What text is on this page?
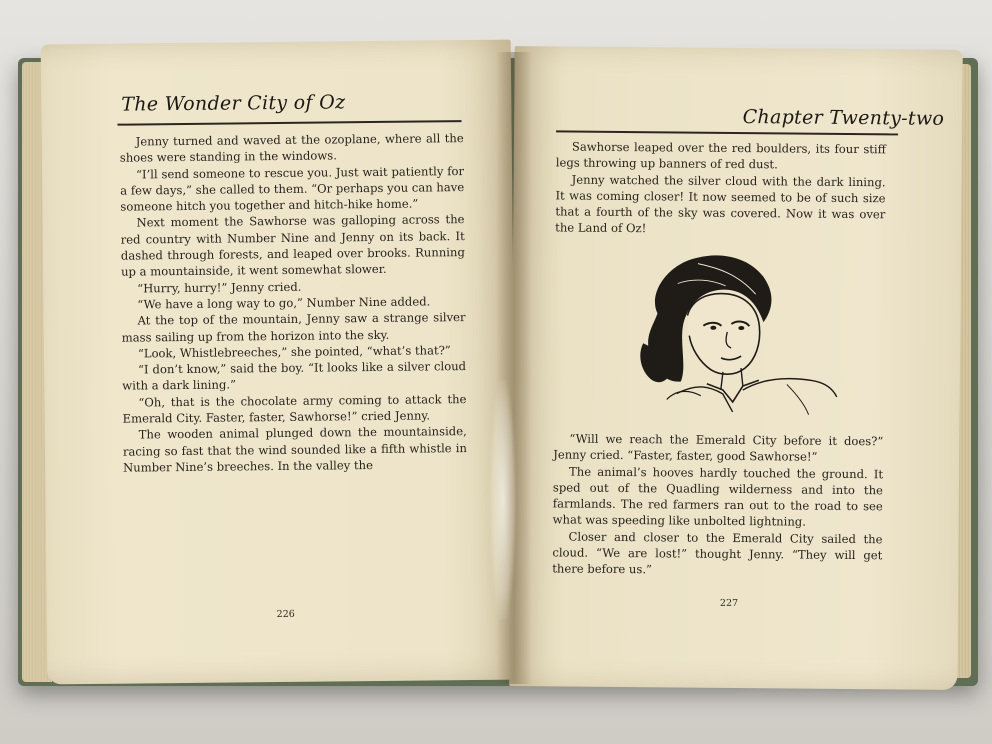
The Wonder City of Oz

Jenny turned and waved at the ozoplane, where all the shoes were standing in the windows.

“I’ll send someone to rescue you. Just wait patiently for a few days,” she called to them. “Or perhaps you can have someone hitch you together and hitch-hike home.”

Next moment the Sawhorse was galloping across the red country with Number Nine and Jenny on its back. It dashed through forests, and leaped over brooks. Running up a mountainside, it went somewhat slower.

“Hurry, hurry!” Jenny cried.

“We have a long way to go,” Number Nine added.

At the top of the mountain, Jenny saw a strange silver mass sailing up from the horizon into the sky.

“Look, Whistlebreeches,” she pointed, “what’s that?”

“I don’t know,” said the boy. “It looks like a silver cloud with a dark lining.”

“Oh, that is the chocolate army coming to attack the Emerald City. Faster, faster, Sawhorse!” cried Jenny.

The wooden animal plunged down the mountainside, racing so fast that the wind sounded like a fifth whistle in Number Nine’s breeches. In the valley the

226
Chapter Twenty-two

Sawhorse leaped over the red boulders, its four stiff legs throwing up banners of red dust.

Jenny watched the silver cloud with the dark lining. It was coming closer! It now seemed to be of such size that a fourth of the sky was covered. Now it was over the Land of Oz!

“Will we reach the Emerald City before it does?” Jenny cried. “Faster, faster, good Sawhorse!”

The animal’s hooves hardly touched the ground. It sped out of the Quadling wilderness and into the farmlands. The red farmers ran out to the road to see what was speeding like unbolted lightning.

Closer and closer to the Emerald City sailed the cloud. “We are lost!” thought Jenny. “They will get there before us.”

227
